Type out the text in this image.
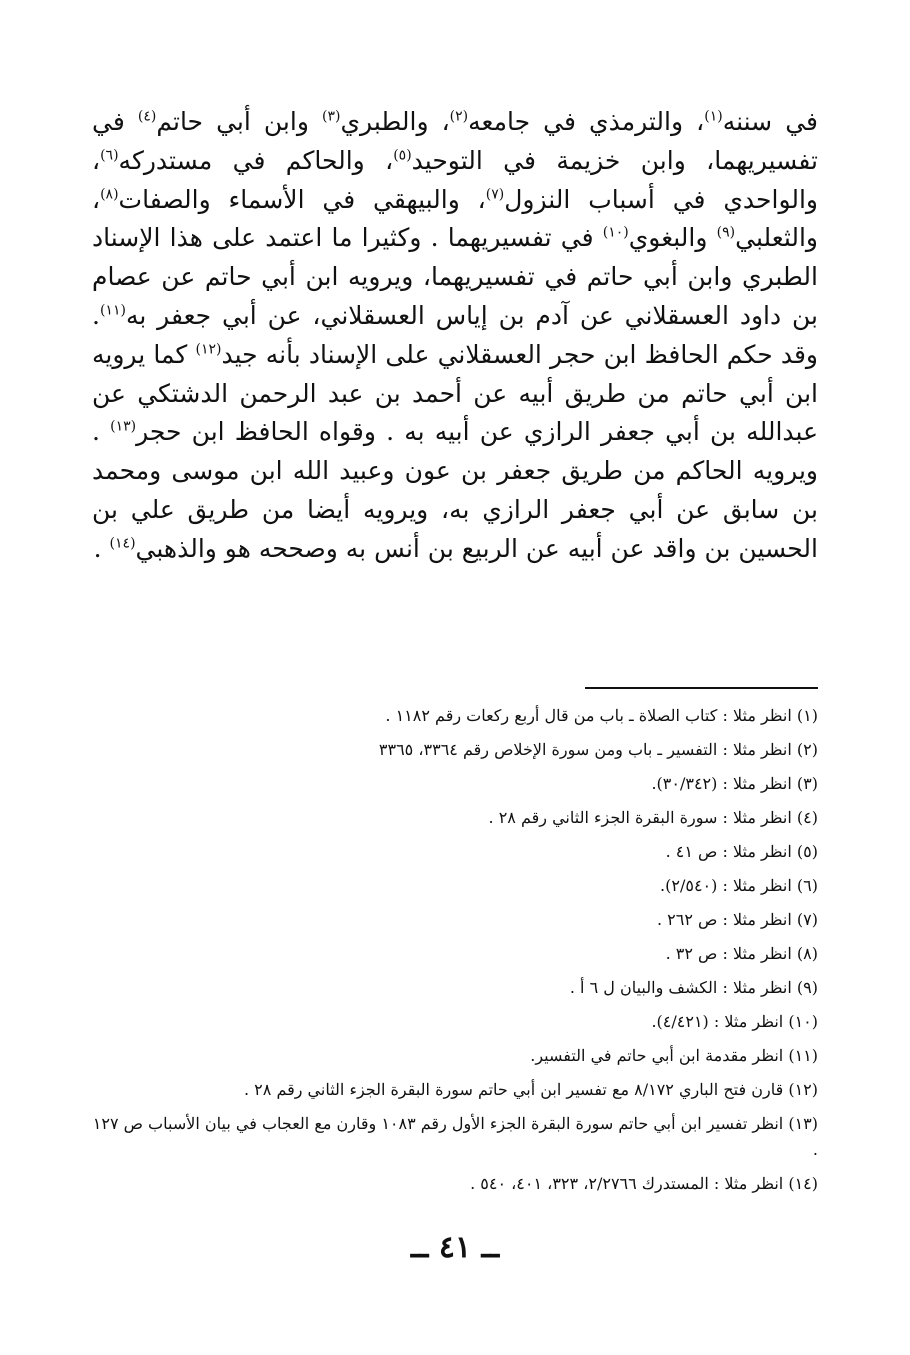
في سننه$^{(١)}$، والترمذي في جامعه$^{(٢)}$، والطبري$^{(٣)}$ وابن أبي حاتم$^{(٤)}$ في تفسيريهما، وابن خزيمة في التوحيد$^{(٥)}$، والحاكم في مستدركه$^{(٦)}$، والواحدي في أسباب النزول$^{(٧)}$، والبيهقي في الأسماء والصفات$^{(٨)}$، والثعلبي$^{(٩)}$ والبغوي$^{(١٠)}$ في تفسيريهما . وكثيرا ما اعتمد على هذا الإسناد الطبري وابن أبي حاتم في تفسيريهما، ويرويه ابن أبي حاتم عن عصام بن داود العسقلاني عن آدم بن إياس العسقلاني، عن أبي جعفر به$^{(١١)}$. وقد حكم الحافظ ابن حجر العسقلاني على الإسناد بأنه جيد$^{(١٢)}$ كما يرويه ابن أبي حاتم من طريق أبيه عن أحمد بن عبد الرحمن الدشتكي عن عبدالله بن أبي جعفر الرازي عن أبيه به . وقواه الحافظ ابن حجر$^{(١٣)}$ . ويرويه الحاكم من طريق جعفر بن عون وعبيد الله ابن موسى ومحمد بن سابق عن أبي جعفر الرازي به، ويرويه أيضا من طريق علي بن الحسين بن واقد عن أبيه عن الربيع بن أنس به وصححه هو والذهبي$^{(١٤)}$ .

(١) انظر مثلا : كتاب الصلاة ـ باب من قال أربع ركعات رقم ١١٨٢ .

(٢) انظر مثلا : التفسير ـ باب ومن سورة الإخلاص رقم ٣٣٦٤، ٣٣٦٥

(٣) انظر مثلا : (٣٠/٣٤٢).

(٤) انظر مثلا : سورة البقرة الجزء الثاني رقم ٢٨ .

(٥) انظر مثلا : ص ٤١ .

(٦) انظر مثلا : (٢/٥٤٠).

(٧) انظر مثلا : ص ٢٦٢ .

(٨) انظر مثلا : ص ٣٢ .

(٩) انظر مثلا : الكشف والبيان ل ٦ أ .

(١٠) انظر مثلا : (٤/٤٢١).

(١١) انظر مقدمة ابن أبي حاتم في التفسير.

(١٢) قارن فتح الباري ٨/١٧٢ مع تفسير ابن أبي حاتم سورة البقرة الجزء الثاني رقم ٢٨ .

(١٣) انظر تفسير ابن أبي حاتم سورة البقرة الجزء الأول رقم ١٠٨٣ وقارن مع العجاب في بيان الأسباب ص ١٢٧ .

(١٤) انظر مثلا : المستدرك ٢/٢٧٦٦، ٣٢٣، ٤٠١، ٥٤٠ .

ــ ٤١ ــ
